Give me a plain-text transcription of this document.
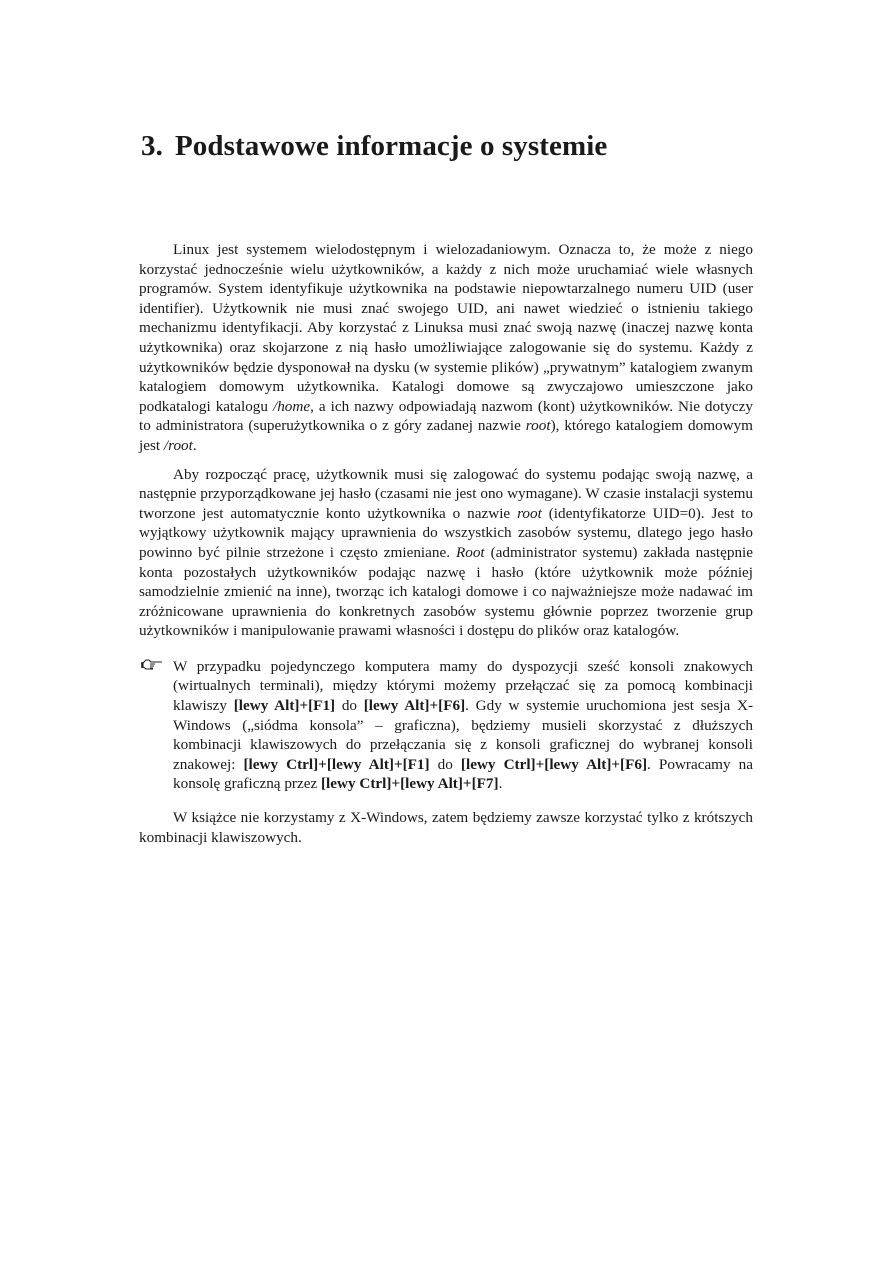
3. Podstawowe informacje o systemie

Linux jest systemem wielodostępnym i wielozadaniowym. Oznacza to, że może z niego korzystać jednocześnie wielu użytkowników, a każdy z nich może uruchamiać wiele własnych programów. System identyfikuje użytkownika na podstawie niepowtarzalnego numeru UID (user identifier). Użytkownik nie musi znać swojego UID, ani nawet wiedzieć o istnieniu takiego mechanizmu identyfikacji. Aby korzystać z Linuksa musi znać swoją nazwę (inaczej nazwę konta użytkownika) oraz skojarzone z nią hasło umożliwiające zalogowanie się do systemu. Każdy z użytkowników będzie dysponował na dysku (w systemie plików) „prywatnym” katalogiem zwanym katalogiem domowym użytkownika. Katalogi domowe są zwyczajowo umieszczone jako podkatalogi katalogu /home, a ich nazwy odpowiadają nazwom (kont) użytkowników. Nie dotyczy to administratora (superużytkownika o z góry zadanej nazwie root), którego katalogiem domowym jest /root.

Aby rozpocząć pracę, użytkownik musi się zalogować do systemu podając swoją nazwę, a następnie przyporządkowane jej hasło (czasami nie jest ono wymagane). W czasie instalacji systemu tworzone jest automatycznie konto użytkownika o nazwie root (identyfikatorze UID=0). Jest to wyjątkowy użytkownik mający uprawnienia do wszystkich zasobów systemu, dlatego jego hasło powinno być pilnie strzeżone i często zmieniane. Root (administrator systemu) zakłada następnie konta pozostałych użytkowników podając nazwę i hasło (które użytkownik może później samodzielnie zmienić na inne), tworząc ich katalogi domowe i co najważniejsze może nadawać im zróżnicowane uprawnienia do konkretnych zasobów systemu głównie poprzez tworzenie grup użytkowników i manipulowanie prawami własności i dostępu do plików oraz katalogów.

W przypadku pojedynczego komputera mamy do dyspozycji sześć konsoli znakowych (wirtualnych terminali), między którymi możemy przełączać się za pomocą kombinacji klawiszy [lewy Alt]+[F1] do [lewy Alt]+[F6]. Gdy w systemie uruchomiona jest sesja X-Windows („siódma konsola” – graficzna), będziemy musieli skorzystać z dłuższych kombinacji klawiszowych do przełączania się z konsoli graficznej do wybranej konsoli znakowej: [lewy Ctrl]+[lewy Alt]+[F1] do [lewy Ctrl]+[lewy Alt]+[F6]. Powracamy na konsolę graficzną przez [lewy Ctrl]+[lewy Alt]+[F7].

W książce nie korzystamy z X-Windows, zatem będziemy zawsze korzystać tylko z krótszych kombinacji klawiszowych.
